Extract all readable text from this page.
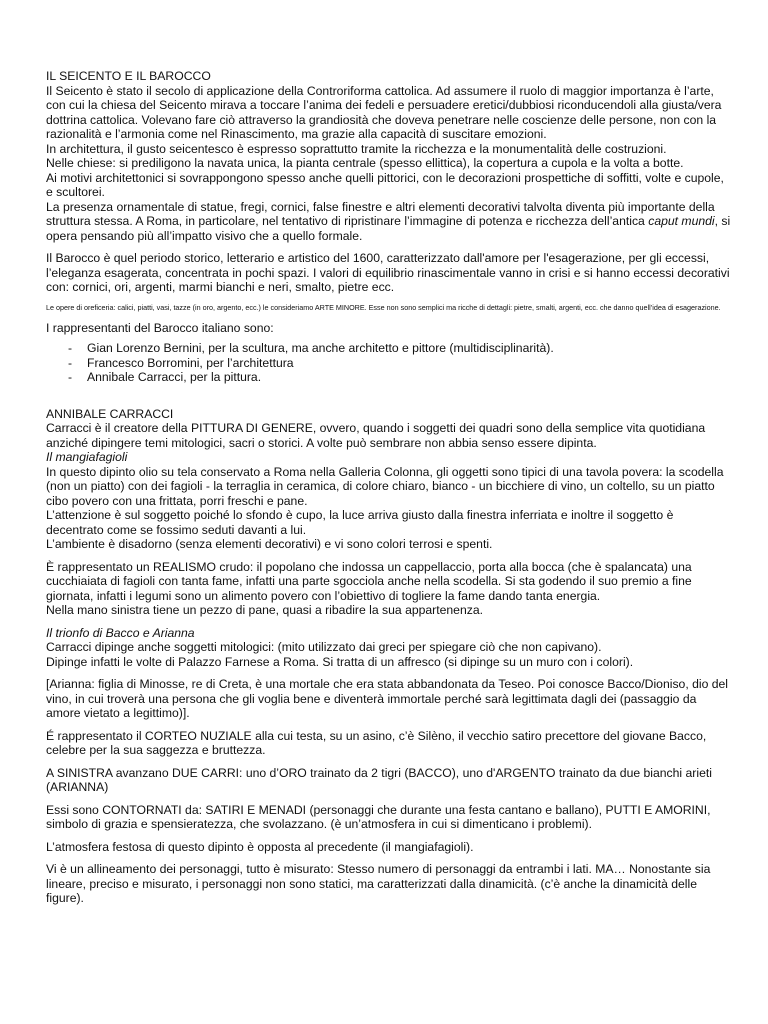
IL SEICENTO E IL BAROCCO

Il Seicento è stato il secolo di applicazione della Controriforma cattolica. Ad assumere il ruolo di maggior importanza è l’arte, con cui la chiesa del Seicento mirava a toccare l’anima dei fedeli e persuadere eretici/dubbiosi riconducendoli alla giusta/vera dottrina cattolica. Volevano fare ciò attraverso la grandiosità che doveva penetrare nelle coscienze delle persone, non con la razionalità e l’armonia come nel Rinascimento, ma grazie alla capacità di suscitare emozioni.

In architettura, il gusto seicentesco è espresso soprattutto tramite la ricchezza e la monumentalità delle costruzioni.

Nelle chiese: si prediligono la navata unica, la pianta centrale (spesso ellittica), la copertura a cupola e la volta a botte.

Ai motivi architettonici si sovrappongono spesso anche quelli pittorici, con le decorazioni prospettiche di soffitti, volte e cupole, e scultorei.

La presenza ornamentale di statue, fregi, cornici, false finestre e altri elementi decorativi talvolta diventa più importante della struttura stessa. A Roma, in particolare, nel tentativo di ripristinare l’immagine di potenza e ricchezza dell’antica caput mundi, si opera pensando più all’impatto visivo che a quello formale.

Il Barocco è quel periodo storico, letterario e artistico del 1600, caratterizzato dall'amore per l'esagerazione, per gli eccessi, l’eleganza esagerata, concentrata in pochi spazi. I valori di equilibrio rinascimentale vanno in crisi e si hanno eccessi decorativi con: cornici, ori, argenti, marmi bianchi e neri, smalto, pietre ecc.

Le opere di oreficeria: calici, piatti, vasi, tazze (in oro, argento, ecc.) le consideriamo ARTE MINORE. Esse non sono semplici ma ricche di dettagli: pietre, smalti, argenti, ecc. che danno quell’idea di esagerazione.

I rappresentanti del Barocco italiano sono:

-	Gian Lorenzo Bernini, per la scultura, ma anche architetto e pittore (multidisciplinarità).
-	Francesco Borromini, per l’architettura
-	Annibale Carracci, per la pittura.

ANNIBALE CARRACCI

Carracci è il creatore della PITTURA DI GENERE, ovvero, quando i soggetti dei quadri sono della semplice vita quotidiana anziché dipingere temi mitologici, sacri o storici. A volte può sembrare non abbia senso essere dipinta.

Il mangiafagioli

In questo dipinto olio su tela conservato a Roma nella Galleria Colonna, gli oggetti sono tipici di una tavola povera: la scodella (non un piatto) con dei fagioli - la terraglia in ceramica, di colore chiaro, bianco - un bicchiere di vino, un coltello, su un piatto cibo povero con una frittata, porri freschi e pane.

L’attenzione è sul soggetto poiché lo sfondo è cupo, la luce arriva giusto dalla finestra inferriata e inoltre il soggetto è decentrato come se fossimo seduti davanti a lui.

L’ambiente è disadorno (senza elementi decorativi) e vi sono colori terrosi e spenti.

È rappresentato un REALISMO crudo: il popolano che indossa un cappellaccio, porta alla bocca (che è spalancata) una cucchiaiata di fagioli con tanta fame, infatti una parte sgocciola anche nella scodella. Si sta godendo il suo premio a fine giornata, infatti i legumi sono un alimento povero con l’obiettivo di togliere la fame dando tanta energia.

Nella mano sinistra tiene un pezzo di pane, quasi a ribadire la sua appartenenza.

Il trionfo di Bacco e Arianna

Carracci dipinge anche soggetti mitologici: (mito utilizzato dai greci per spiegare ciò che non capivano).

Dipinge infatti le volte di Palazzo Farnese a Roma. Si tratta di un affresco (si dipinge su un muro con i colori).

[Arianna: figlia di Minosse, re di Creta, è una mortale che era stata abbandonata da Teseo. Poi conosce Bacco/Dioniso, dio del vino, in cui troverà una persona che gli voglia bene e diventerà immortale perché sarà legittimata dagli dei (passaggio da amore vietato a legittimo)].

É rappresentato il CORTEO NUZIALE alla cui testa, su un asino, c’è Silèno, il vecchio satiro precettore del giovane Bacco, celebre per la sua saggezza e bruttezza.

A SINISTRA avanzano DUE CARRI: uno d’ORO trainato da 2 tigri (BACCO), uno d'ARGENTO trainato da due bianchi arieti (ARIANNA)

Essi sono CONTORNATI da: SATIRI E MENADI (personaggi che durante una festa cantano e ballano), PUTTI E AMORINI, simbolo di grazia e spensieratezza, che svolazzano. (è un’atmosfera in cui si dimenticano i problemi).

L’atmosfera festosa di questo dipinto è opposta al precedente (il mangiafagioli).

Vi è un allineamento dei personaggi, tutto è misurato: Stesso numero di personaggi da entrambi i lati. MA… Nonostante sia lineare, preciso e misurato, i personaggi non sono statici, ma caratterizzati dalla dinamicità. (c’è anche la dinamicità delle figure).
